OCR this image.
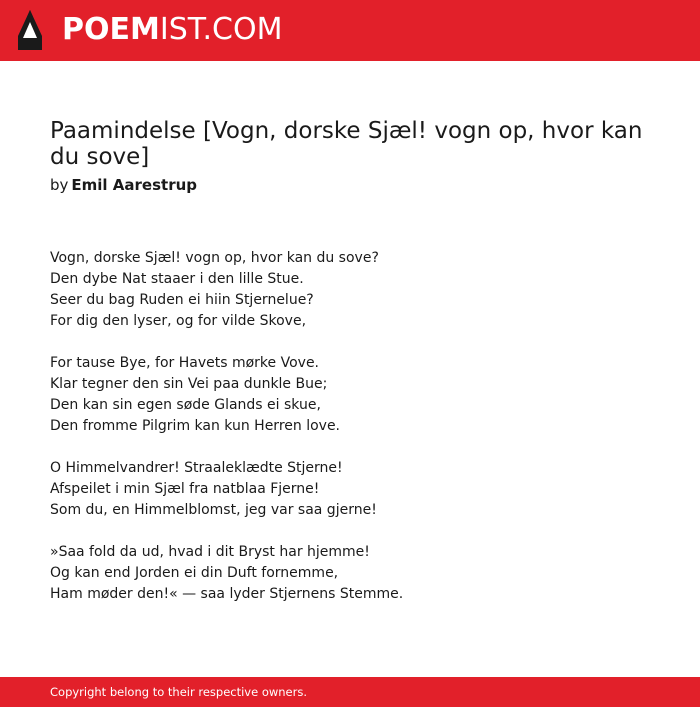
POEMIST.COM
Paamindelse [Vogn, dorske Sjæl! vogn op, hvor kan du sove]
by Emil Aarestrup
Vogn, dorske Sjæl! vogn op, hvor kan du sove?
Den dybe Nat staaer i den lille Stue.
Seer du bag Ruden ei hiin Stjernelue?
For dig den lyser, og for vilde Skove,
For tause Bye, for Havets mørke Vove.
Klar tegner den sin Vei paa dunkle Bue;
Den kan sin egen søde Glands ei skue,
Den fromme Pilgrim kan kun Herren love.
O Himmelvandrer! Straaleklædte Stjerne!
Afspeilet i min Sjæl fra natblaa Fjerne!
Som du, en Himmelblomst, jeg var saa gjerne!
»Saa fold da ud, hvad i dit Bryst har hjemme!
Og kan end Jorden ei din Duft fornemme,
Ham møder den!« — saa lyder Stjernens Stemme.
Copyright belong to their respective owners.
